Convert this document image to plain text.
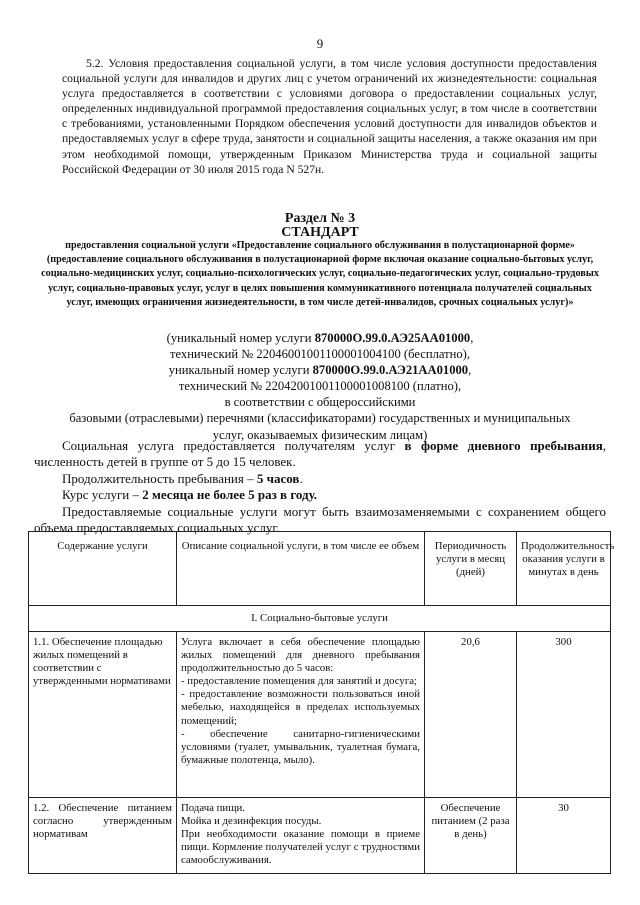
9

5.2. Условия предоставления социальной услуги, в том числе условия доступности предоставления социальной услуги для инвалидов и других лиц с учетом ограничений их жизнедеятельности: социальная услуга предоставляется в соответствии с условиями договора о предоставлении социальных услуг, определенных индивидуальной программой предоставления социальных услуг, в том числе в соответствии с требованиями, установленными Порядком обеспечения условий доступности для инвалидов объектов и предоставляемых услуг в сфере труда, занятости и социальной защиты населения, а также оказания им при этом необходимой помощи, утвержденным Приказом Министерства труда и социальной защиты Российской Федерации от 30 июля 2015 года N 527н.

Раздел № 3

СТАНДАРТ

предоставления социальной услуги «Предоставление социального обслуживания в полустационарной форме» (предоставление социального обслуживания в полустационарной форме включая оказание социально-бытовых услуг, социально-медицинских услуг, социально-психологических услуг, социально-педагогических услуг, социально-трудовых услуг, социально-правовых услуг, услуг в целях повышения коммуникативного потенциала получателей социальных услуг, имеющих ограничения жизнедеятельности, в том числе детей-инвалидов, срочных социальных услуг)»

(уникальный номер услуги 870000О.99.0.АЭ25АА01000,
технический № 22046001001100001004100 (бесплатно),
уникальный номер услуги 870000О.99.0.АЭ21АА01000,
технический № 22042001001100001008100 (платно),
в соответствии с общероссийскими
базовыми (отраслевыми) перечнями (классификаторами) государственных и муниципальных
услуг, оказываемых физическим лицам)

Социальная услуга предоставляется получателям услуг в форме дневного пребывания, численность детей в группе от 5 до 15 человек.

Продолжительность пребывания – 5 часов.

Курс услуги – 2 месяца не более 5 раз в году.

Предоставляемые социальные услуги могут быть взаимозаменяемыми с сохранением общего объема предоставляемых социальных услуг.

Содержание услуги	Описание социальной услуги, в том числе ее объем	Периодичность услуги в месяц (дней)	Продолжительность оказания услуги в минутах в день
I. Социально-бытовые услуги			
1.1. Обеспечение площадью жилых помещений в соответствии с утвержденными нормативами	Услуга включает в себя обеспечение площадью жилых помещений для дневного пребывания продолжительностью до 5 часов:
- предоставление помещения для занятий и досуга;
- предоставление возможности пользоваться иной мебелью, находящейся в пределах используемых помещений;
- обеспечение санитарно-гигиеническими условиями (туалет, умывальник, туалетная бумага, бумажные полотенца, мыло).	20,6	300
1.2. Обеспечение питанием согласно утвержденным нормативам	Подача пищи.
Мойка и дезинфекция посуды.
При необходимости оказание помощи в приеме пищи. Кормление получателей услуг с трудностями самообслуживания.	Обеспечение питанием (2 раза в день)	30
